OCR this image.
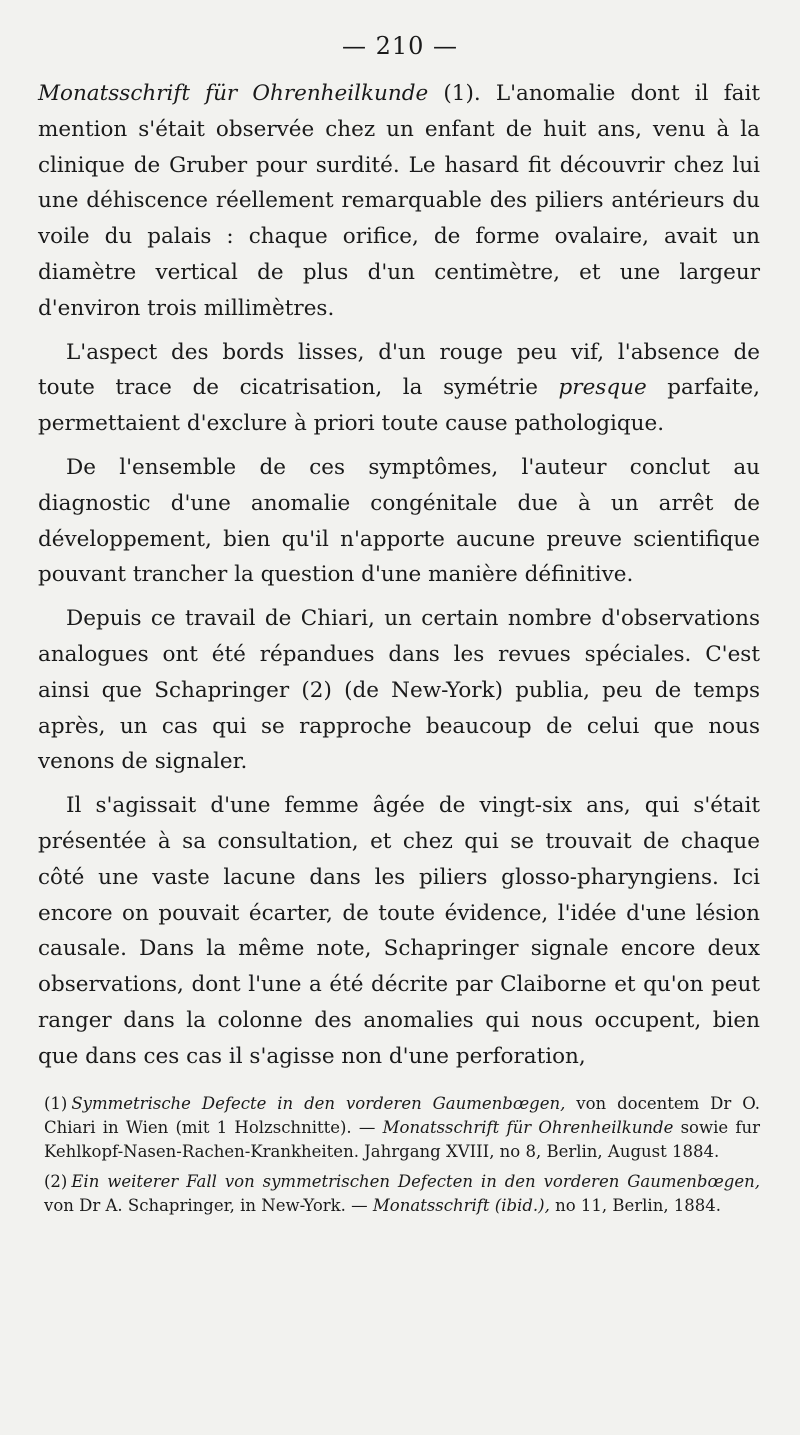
— 210 —

Monatsschrift für Ohrenheilkunde (1). L'anomalie dont il fait mention s'était observée chez un enfant de huit ans, venu à la clinique de Gruber pour surdité. Le hasard fit découvrir chez lui une déhiscence réellement remarquable des piliers antérieurs du voile du palais : chaque orifice, de forme ovalaire, avait un diamètre vertical de plus d'un centimètre, et une largeur d'environ trois millimètres.

L'aspect des bords lisses, d'un rouge peu vif, l'absence de toute trace de cicatrisation, la symétrie presque parfaite, permettaient d'exclure à priori toute cause pathologique.

De l'ensemble de ces symptômes, l'auteur conclut au diagnostic d'une anomalie congénitale due à un arrêt de développement, bien qu'il n'apporte aucune preuve scientifique pouvant trancher la question d'une manière définitive.

Depuis ce travail de Chiari, un certain nombre d'observations analogues ont été répandues dans les revues spéciales. C'est ainsi que Schapringer (2) (de New-York) publia, peu de temps après, un cas qui se rapproche beaucoup de celui que nous venons de signaler.

Il s'agissait d'une femme âgée de vingt-six ans, qui s'était présentée à sa consultation, et chez qui se trouvait de chaque côté une vaste lacune dans les piliers glosso-pharyngiens. Ici encore on pouvait écarter, de toute évidence, l'idée d'une lésion causale. Dans la même note, Schapringer signale encore deux observations, dont l'une a été décrite par Claiborne et qu'on peut ranger dans la colonne des anomalies qui nous occupent, bien que dans ces cas il s'agisse non d'une perforation,

(1) Symmetrische Defecte in den vorderen Gaumenbœgen, von docentem Dr O. Chiari in Wien (mit 1 Holzschnitte). — Monatsschrift für Ohrenheilkunde sowie fur Kehlkopf-Nasen-Rachen-Krankheiten. Jahrgang XVIII, no 8, Berlin, August 1884.

(2) Ein weiterer Fall von symmetrischen Defecten in den vorderen Gaumenbœgen, von Dr A. Schapringer, in New-York. — Monatsschrift (ibid.), no 11, Berlin, 1884.
